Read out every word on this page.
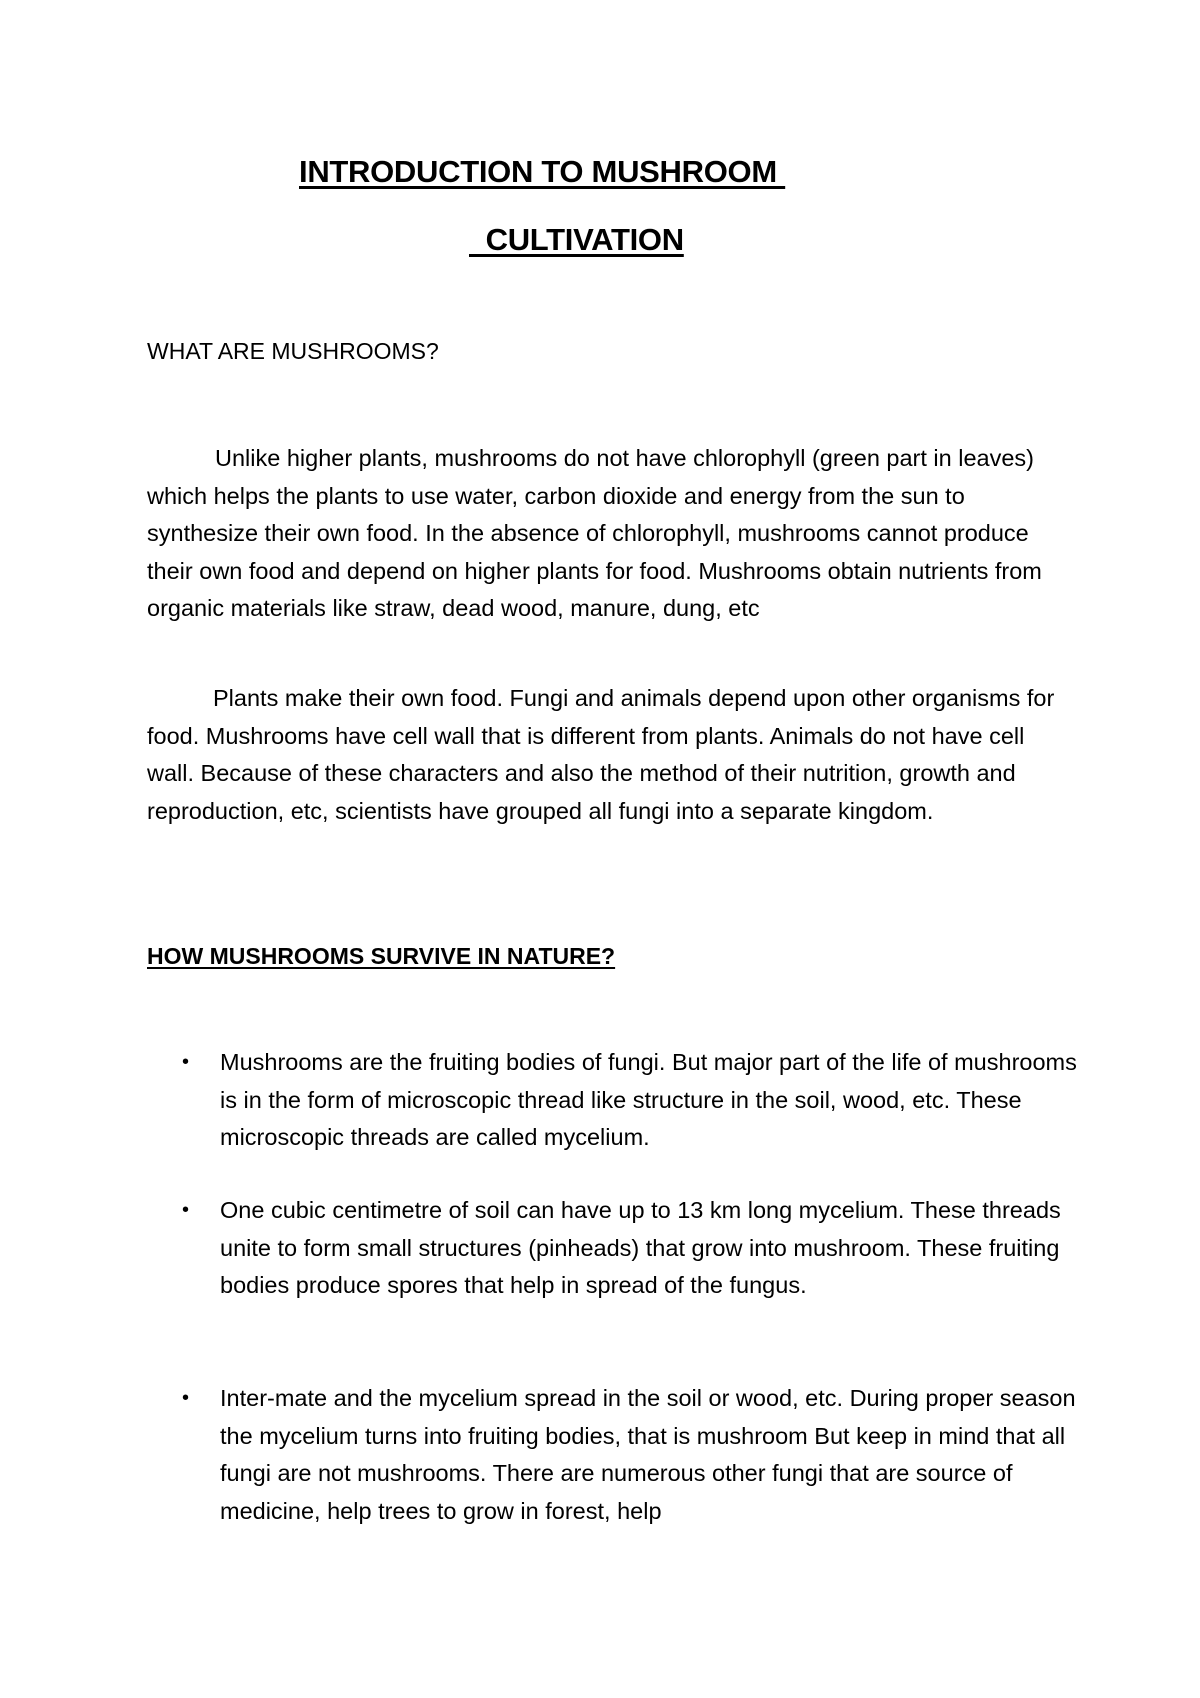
INTRODUCTION TO MUSHROOM
CULTIVATION
WHAT ARE MUSHROOMS?

Unlike higher plants, mushrooms do not have chlorophyll (green part in leaves) which helps the plants to use water, carbon dioxide and energy from the sun to synthesize their own food. In the absence of chlorophyll, mushrooms cannot produce their own food and depend on higher plants for food. Mushrooms obtain nutrients from organic materials like straw, dead wood, manure, dung, etc

Plants make their own food. Fungi and animals depend upon other organisms for food. Mushrooms have cell wall that is different from plants. Animals do not have cell wall. Because of these characters and also the method of their nutrition, growth and reproduction, etc, scientists have grouped all fungi into a separate kingdom.

HOW MUSHROOMS SURVIVE IN NATURE?
• Mushrooms are the fruiting bodies of fungi. But major part of the life of mushrooms is in the form of microscopic thread like structure in the soil, wood, etc. These microscopic threads are called mycelium.
• One cubic centimetre of soil can have up to 13 km long mycelium. These threads unite to form small structures (pinheads) that grow into mushroom. These fruiting bodies produce spores that help in spread of the fungus.
• Inter-mate and the mycelium spread in the soil or wood, etc. During proper season the mycelium turns into fruiting bodies, that is mushroom But keep in mind that all fungi are not mushrooms. There are numerous other fungi that are source of medicine, help trees to grow in forest, help
